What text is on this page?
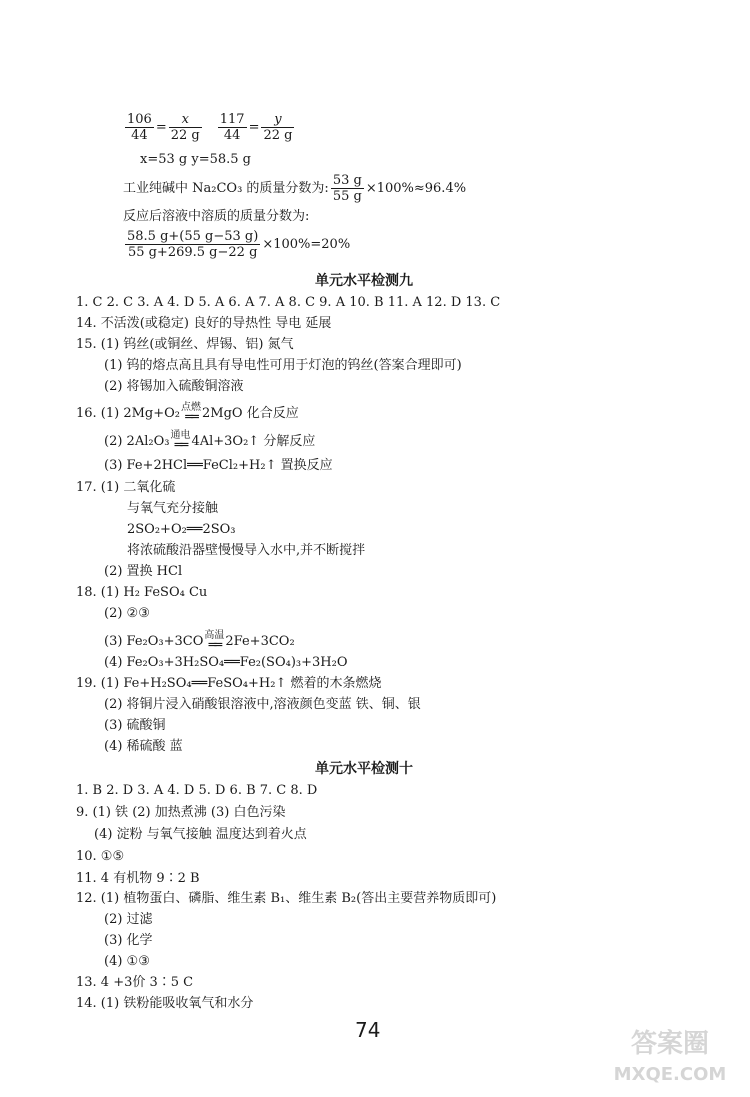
$\frac{106}{44} = \frac{x}{22 g} \frac{117}{44} = \frac{y}{22 g}$
x=53 g y=58.5 g
工业纯碱中 Na₂CO₃ 的质量分数为: $\frac{53 g}{55 g} \times 100\%\approx 96.4\%$
反应后溶液中溶质的质量分数为:
$\frac{58.5 g+(55 g-53 g)}{55 g+269.5 g-22 g} \times 100\%=20\%$
单元水平检测九
1. C 2. C 3. A 4. D 5. A 6. A 7. A 8. C 9. A 10. B 11. A 12. D 13. C
14. 不活泼(或稳定) 良好的导热性 导电 延展
15. (1) 钨丝(或铜丝、焊锡、铝) 氮气
(1) 钨的熔点高且具有导电性可用于灯泡的钨丝(答案合理即可)
(2) 将锡加入硫酸铜溶液
16. (1) 2Mg+O₂ 点燃
══ 2MgO 化合反应
(2) 2Al₂O₃ 通电
══ 4Al+3O₂↑ 分解反应
(3) Fe+2HCl══FeCl₂+H₂↑ 置换反应
17. (1) 二氧化硫
与氧气充分接触
2SO₂+O₂══2SO₃
将浓硫酸沿器壁慢慢导入水中,并不断搅拌
(2) 置换 HCl
18. (1) H₂ FeSO₄ Cu
(2) ②③
(3) Fe₂O₃+3CO 高温
══ 2Fe+3CO₂
(4) Fe₂O₃+3H₂SO₄══Fe₂(SO₄)₃+3H₂O
19. (1) Fe+H₂SO₄══FeSO₄+H₂↑ 燃着的木条燃烧
(2) 将铜片浸入硝酸银溶液中,溶液颜色变蓝 铁、铜、银
(3) 硫酸铜
(4) 稀硫酸 蓝
单元水平检测十
1. B 2. D 3. A 4. D 5. D 6. B 7. C 8. D
9. (1) 铁 (2) 加热煮沸 (3) 白色污染
(4) 淀粉 与氧气接触 温度达到着火点
10. ①⑤
11. 4 有机物 9∶2 B
12. (1) 植物蛋白、磷脂、维生素 B₁、维生素 B₂(答出主要营养物质即可)
(2) 过滤
(3) 化学
(4) ①③
13. 4 +3价 3∶5 C
14. (1) 铁粉能吸收氧气和水分
74	答案圈
MXQE.COM
